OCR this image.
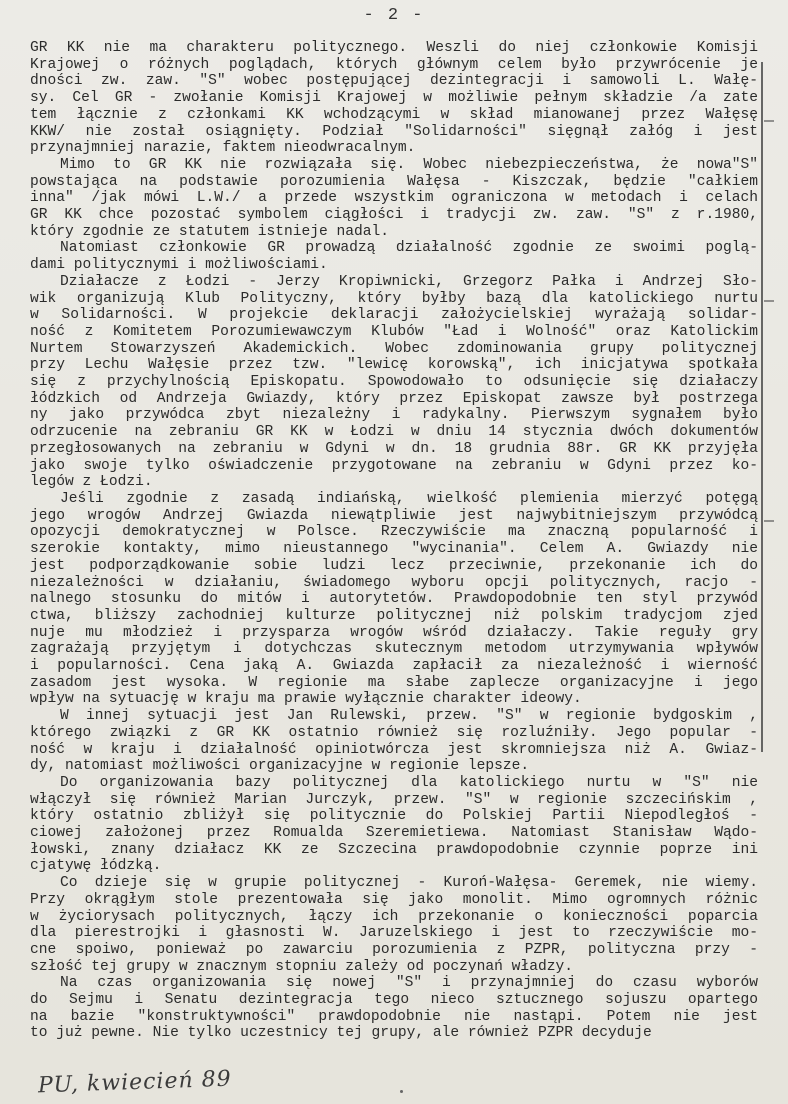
- 2 -
GR KK nie ma charakteru politycznego. Weszli do niej członkowie Komisji
Krajowej o różnych poglądach, których głównym celem było przywrócenie je
dności zw. zaw. "S" wobec postępującej dezintegracji i samowoli L. Wałę-
sy. Cel GR - zwołanie Komisji Krajowej w możliwie pełnym składzie /a zate
tem łącznie z członkami KK wchodzącymi w skład mianowanej przez Wałęsę
KKW/ nie został osiągnięty. Podział "Solidarności" sięgnął załóg i jest
przynajmniej narazie, faktem nieodwracalnym.
Mimo to GR KK nie rozwiązała się. Wobec niebezpieczeństwa, że nowa"S"
powstająca na podstawie porozumienia Wałęsa - Kiszczak, będzie "całkiem
inna" /jak mówi L.W./ a przede wszystkim ograniczona w metodach i celach
GR KK chce pozostać symbolem ciągłości i tradycji zw. zaw. "S" z r.1980,
który zgodnie ze statutem istnieje nadal.
Natomiast członkowie GR prowadzą działalność zgodnie ze swoimi poglą-
dami politycznymi i możliwościami.
Działacze z Łodzi - Jerzy Kropiwnicki, Grzegorz Pałka i Andrzej Sło-
wik organizują Klub Polityczny, który byłby bazą dla katolickiego nurtu
w Solidarności. W projekcie deklaracji założycielskiej wyrażają solidar-
ność z Komitetem Porozumiewawczym Klubów "Ład i Wolność" oraz Katolickim
Nurtem Stowarzyszeń Akademickich. Wobec zdominowania grupy politycznej
przy Lechu Wałęsie przez tzw. "lewicę korowską", ich inicjatywa spotkała
się z przychylnością Episkopatu. Spowodowało to odsunięcie się działaczy
łódzkich od Andrzeja Gwiazdy, który przez Episkopat zawsze był postrzega
ny jako przywódca zbyt niezależny i radykalny. Pierwszym sygnałem było
odrzucenie na zebraniu GR KK w Łodzi w dniu 14 stycznia dwóch dokumentów
przegłosowanych na zebraniu w Gdyni w dn. 18 grudnia 88r. GR KK przyjęła
jako swoje tylko oświadczenie przygotowane na zebraniu w Gdyni przez ko-
legów z Łodzi.
Jeśli zgodnie z zasadą indiańską, wielkość plemienia mierzyć potęgą
jego wrogów Andrzej Gwiazda niewątpliwie jest najwybitniejszym przywódcą
opozycji demokratycznej w Polsce. Rzeczywiście ma znaczną popularność i
szerokie kontakty, mimo nieustannego "wycinania". Celem A. Gwiazdy nie
jest podporządkowanie sobie ludzi lecz przeciwnie, przekonanie ich do
niezależności w działaniu, świadomego wyboru opcji politycznych, racjo -
nalnego stosunku do mitów i autorytetów. Prawdopodobnie ten styl przywód
ctwa, bliższy zachodniej kulturze politycznej niż polskim tradycjom zjed
nuje mu młodzież i przysparza wrogów wśród działaczy. Takie reguły gry
zagrażają przyjętym i dotychczas skutecznym metodom utrzymywania wpływów
i popularności. Cena jaką A. Gwiazda zapłacił za niezależność i wierność
zasadom jest wysoka. W regionie ma słabe zaplecze organizacyjne i jego
wpływ na sytuację w kraju ma prawie wyłącznie charakter ideowy.
W innej sytuacji jest Jan Rulewski, przew. "S" w regionie bydgoskim ,
którego związki z GR KK ostatnio również się rozluźniły. Jego popular -
ność w kraju i działalność opiniotwórcza jest skromniejsza niż A. Gwiaz-
dy, natomiast możliwości organizacyjne w regionie lepsze.
Do organizowania bazy politycznej dla katolickiego nurtu w "S" nie
włączył się również Marian Jurczyk, przew. "S" w regionie szczecińskim ,
który ostatnio zbliżył się politycznie do Polskiej Partii Niepodległoś -
ciowej założonej przez Romualda Szeremietiewa. Natomiast Stanisław Wądo-
łowski, znany działacz KK ze Szczecina prawdopodobnie czynnie poprze ini
cjatywę łódzką.
Co dzieje się w grupie politycznej - Kuroń-Wałęsa- Geremek, nie wiemy.
Przy okrągłym stole prezentowała się jako monolit. Mimo ogromnych różnic
w życiorysach politycznych, łączy ich przekonanie o konieczności poparcia
dla pierestrojki i głasnosti W. Jaruzelskiego i jest to rzeczywiście mo-
cne spoiwo, ponieważ po zawarciu porozumienia z PZPR, polityczna przy -
szłość tej grupy w znacznym stopniu zależy od poczynań władzy.
Na czas organizowania się nowej "S" i przynajmniej do czasu wyborów
do Sejmu i Senatu dezintegracja tego nieco sztucznego sojuszu opartego
na bazie "konstruktywności" prawdopodobnie nie nastąpi. Potem nie jest
to już pewne. Nie tylko uczestnicy tej grupy, ale również PZPR decyduje
PU, kwiecień 89
